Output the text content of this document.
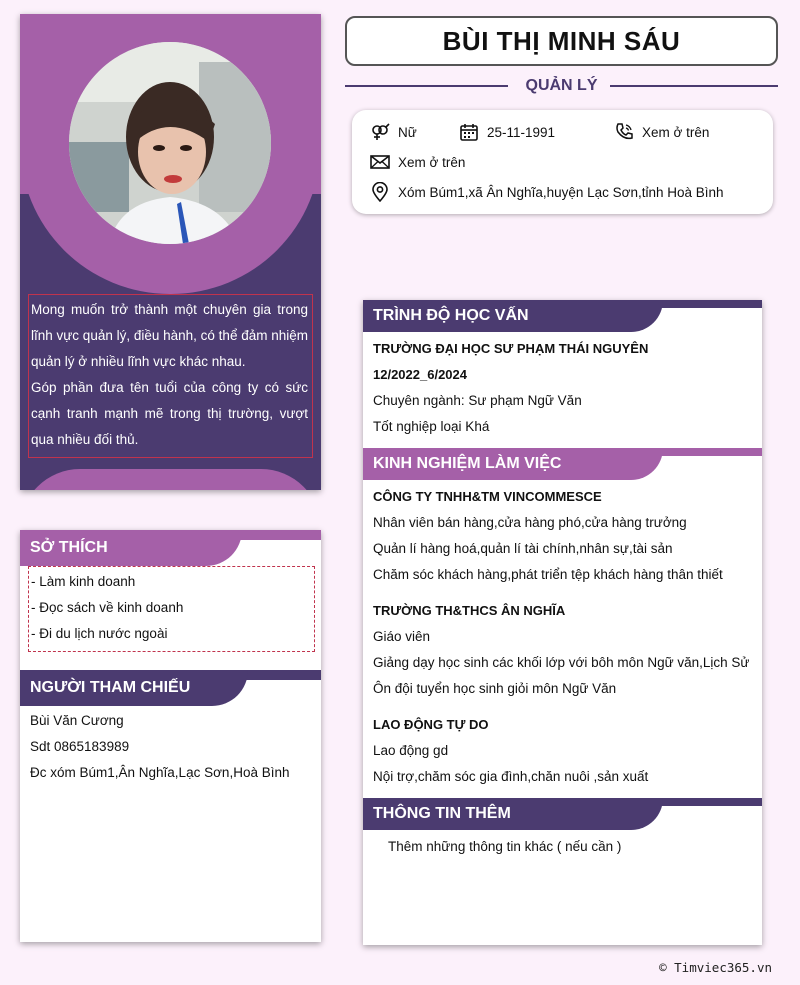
Mong muốn trở thành một chuyên gia trong lĩnh vực quản lý, điều hành, có thể đảm nhiệm quản lý ở nhiều lĩnh vực khác nhau.

Góp phần đưa tên tuổi của công ty có sức cạnh tranh mạnh mẽ trong thị trường, vượt qua nhiều đối thủ.

SỞ THÍCH
- Làm kinh doanh
- Đọc sách về kinh doanh
- Đi du lịch nước ngoài
NGƯỜI THAM CHIẾU
Bùi Văn Cương
Sdt 0865183989
Đc xóm Búm1,Ân Nghĩa,Lạc Sơn,Hoà Bình
BÙI THỊ MINH SÁU
QUẢN LÝ
Nữ	25-11-1991	Xem ở trên
Xem ở trên
Xóm Búm1,xã Ân Nghĩa,huyện Lạc Sơn,tỉnh Hoà Bình
TRÌNH ĐỘ HỌC VẤN
TRƯỜNG ĐẠI HỌC SƯ PHẠM THÁI NGUYÊN
12/2022_6/2024
Chuyên ngành: Sư phạm Ngữ Văn
Tốt nghiệp loại Khá
KINH NGHIỆM LÀM VIỆC
CÔNG TY TNHH&TM VINCOMMESCE
Nhân viên bán hàng,cửa hàng phó,cửa hàng trưởng
Quản lí hàng hoá,quản lí tài chính,nhân sự,tài sản
Chăm sóc khách hàng,phát triển tệp khách hàng thân thiết
TRƯỜNG TH&THCS ÂN NGHĨA
Giáo viên
Giảng dạy học sinh các khối lớp với bôh môn Ngữ văn,Lịch Sử
Ôn đội tuyển học sinh giỏi môn Ngữ Văn
LAO ĐỘNG TỰ DO
Lao động gd
Nội trợ,chăm sóc gia đình,chăn nuôi ,sản xuất
THÔNG TIN THÊM
Thêm những thông tin khác ( nếu cần )
© Timviec365.vn
